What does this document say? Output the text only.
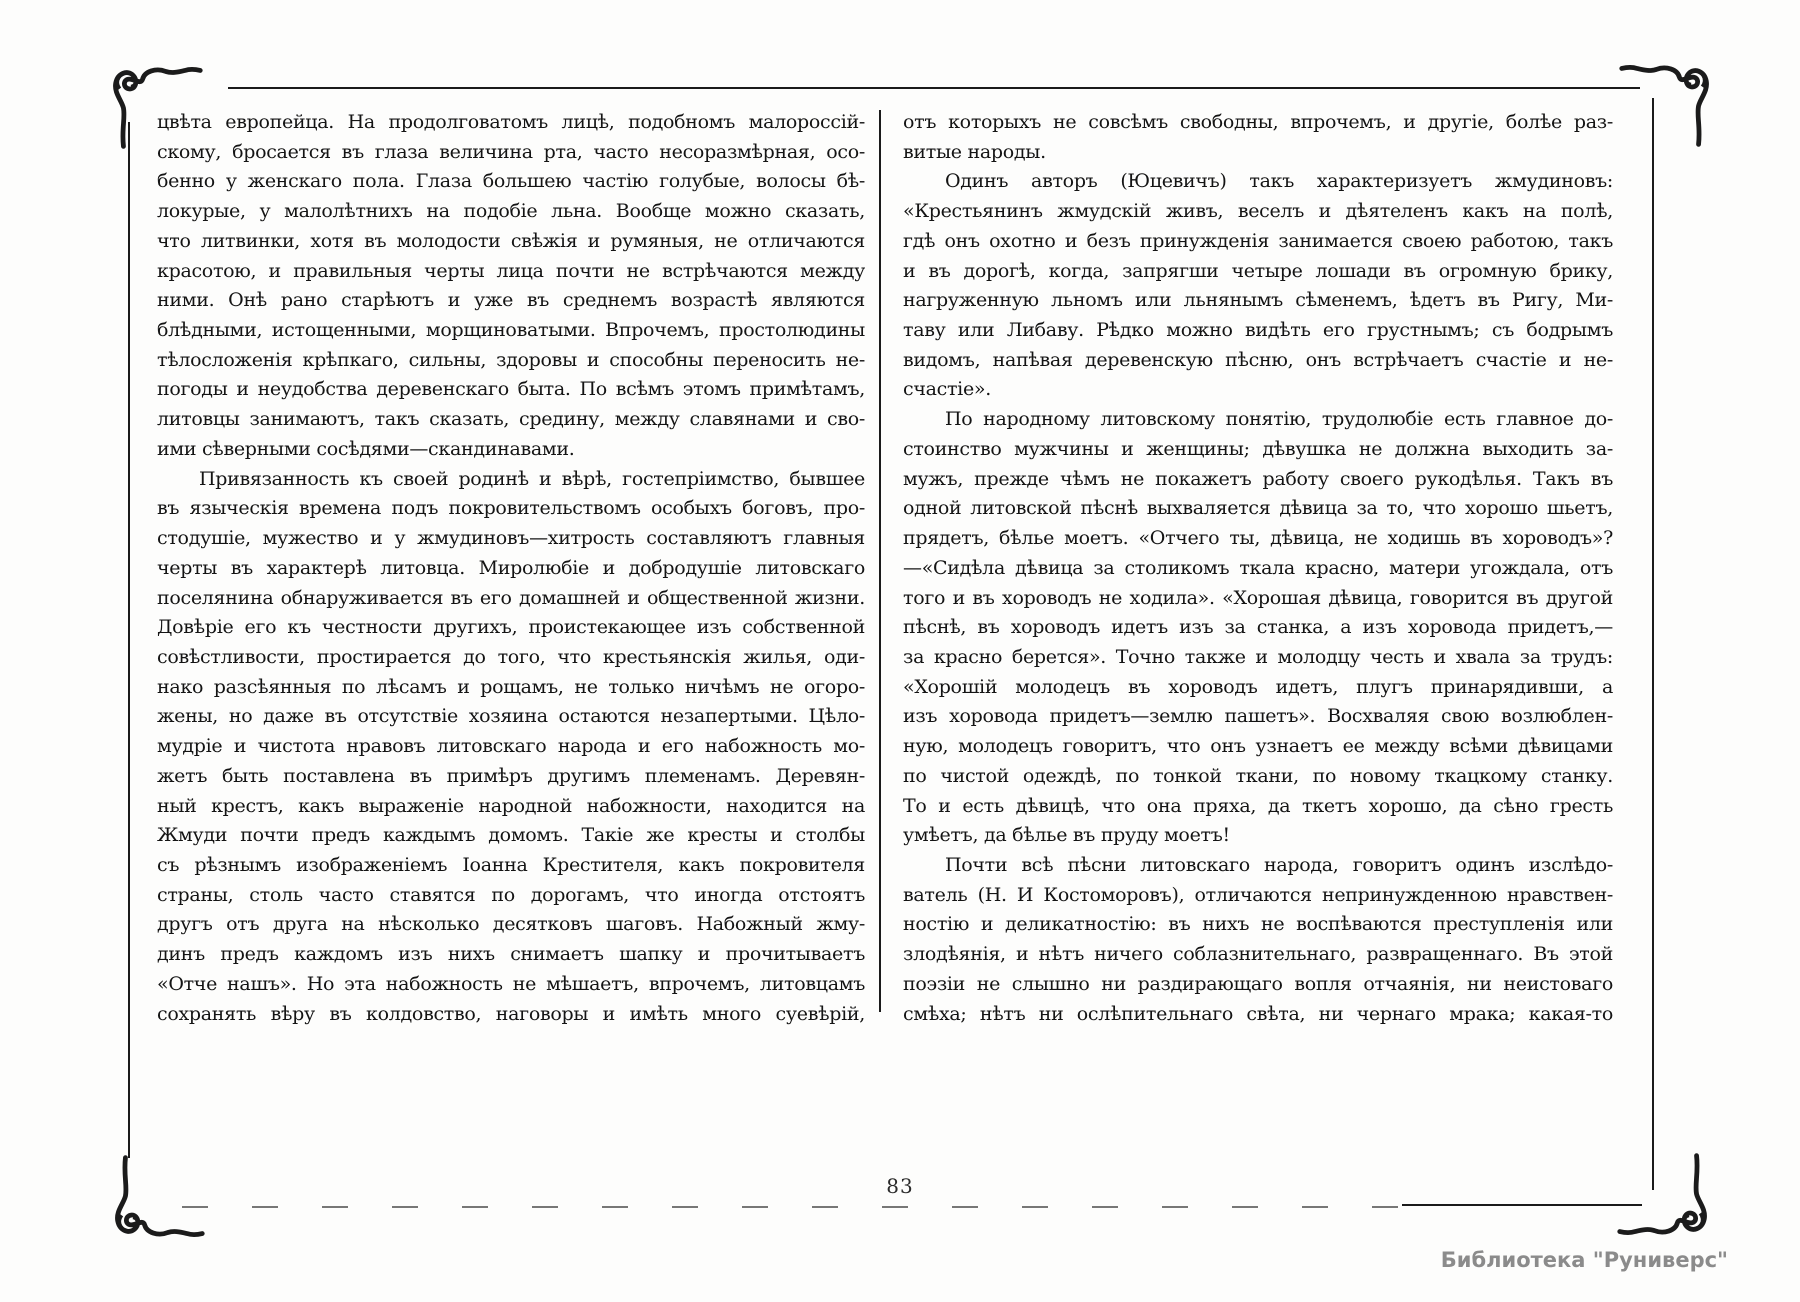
цвѣта европейца. На продолговатомъ лицѣ, подобномъ малороссій-
скому, бросается въ глаза величина рта, часто несоразмѣрная, осо-
бенно у женскаго пола. Глаза большею частію голубые, волосы бѣ-
локурые, у малолѣтнихъ на подобіе льна. Вообще можно сказать,
что литвинки, хотя въ молодости свѣжія и румяныя, не отличаются
красотою, и правильныя черты лица почти не встрѣчаются между
ними. Онѣ рано старѣютъ и уже въ среднемъ возрастѣ являются
блѣдными, истощенными, морщиноватыми. Впрочемъ, простолюдины
тѣлосложенія крѣпкаго, сильны, здоровы и способны переносить не-
погоды и неудобства деревенскаго быта. По всѣмъ этомъ примѣтамъ,
литовцы занимаютъ, такъ сказать, средину, между славянами и сво-
ими сѣверными сосѣдями—скандинавами.
Привязанность къ своей родинѣ и вѣрѣ, гостепріимство, бывшее
въ языческія времена подъ покровительствомъ особыхъ боговъ, про-
стодушіе, мужество и у жмудиновъ—хитрость составляютъ главныя
черты въ характерѣ литовца. Миролюбіе и добродушіе литовскаго
поселянина обнаруживается въ его домашней и общественной жизни.
Довѣріе его къ честности другихъ, проистекающее изъ собственной
совѣстливости, простирается до того, что крестьянскія жилья, оди-
нако разсѣянныя по лѣсамъ и рощамъ, не только ничѣмъ не огоро-
жены, но даже въ отсутствіе хозяина остаются незапертыми. Цѣло-
мудріе и чистота нравовъ литовскаго народа и его набожность мо-
жетъ быть поставлена въ примѣръ другимъ племенамъ. Деревян-
ный крестъ, какъ выраженіе народной набожности, находится на
Жмуди почти предъ каждымъ домомъ. Такіе же кресты и столбы
съ рѣзнымъ изображеніемъ Іоанна Крестителя, какъ покровителя
страны, столь часто ставятся по дорогамъ, что иногда отстоятъ
другъ отъ друга на нѣсколько десятковъ шаговъ. Набожный жму-
динъ предъ каждомъ изъ нихъ снимаетъ шапку и прочитываетъ
«Отче нашъ». Но эта набожность не мѣшаетъ, впрочемъ, литовцамъ
сохранять вѣру въ колдовство, наговоры и имѣть много суевѣрій,
отъ которыхъ не совсѣмъ свободны, впрочемъ, и другіе, болѣе раз-
витые народы.
Одинъ авторъ (Юцевичъ) такъ характеризуетъ жмудиновъ:
«Крестьянинъ жмудскій живъ, веселъ и дѣятеленъ какъ на полѣ,
гдѣ онъ охотно и безъ принужденія занимается своею работою, такъ
и въ дорогѣ, когда, запрягши четыре лошади въ огромную брику,
нагруженную льномъ или льнянымъ сѣменемъ, ѣдетъ въ Ригу, Ми-
таву или Либаву. Рѣдко можно видѣть его грустнымъ; съ бодрымъ
видомъ, напѣвая деревенскую пѣсню, онъ встрѣчаетъ счастіе и не-
счастіе».
По народному литовскому понятію, трудолюбіе есть главное до-
стоинство мужчины и женщины; дѣвушка не должна выходить за-
мужъ, прежде чѣмъ не покажетъ работу своего рукодѣлья. Такъ въ
одной литовской пѣснѣ выхваляется дѣвица за то, что хорошо шьетъ,
прядетъ, бѣлье моетъ. «Отчего ты, дѣвица, не ходишь въ хороводъ»?
—«Сидѣла дѣвица за столикомъ ткала красно, матери угождала, отъ
того и въ хороводъ не ходила». «Хорошая дѣвица, говорится въ другой
пѣснѣ, въ хороводъ идетъ изъ за станка, а изъ хоровода придетъ,—
за красно берется». Точно также и молодцу честь и хвала за трудъ:
«Хорошій молодецъ въ хороводъ идетъ, плугъ принарядивши, а
изъ хоровода придетъ—землю пашетъ». Восхваляя свою возлюблен-
ную, молодецъ говоритъ, что онъ узнаетъ ее между всѣми дѣвицами
по чистой одеждѣ, по тонкой ткани, по новому ткацкому станку.
То и есть дѣвицѣ, что она пряха, да ткетъ хорошо, да сѣно гресть
умѣетъ, да бѣлье въ пруду моетъ!
Почти всѣ пѣсни литовскаго народа, говоритъ одинъ изслѣдо-
ватель (Н. И Костоморовъ), отличаются непринужденною нравствен-
ностію и деликатностію: въ нихъ не воспѣваются преступленія или
злодѣянія, и нѣтъ ничего соблазнительнаго, развращеннаго. Въ этой
поэзіи не слышно ни раздирающаго вопля отчаянія, ни неистоваго
смѣха; нѣтъ ни ослѣпительнаго свѣта, ни чернаго мрака; какая-то
83
Библиотека "Руниверс"
